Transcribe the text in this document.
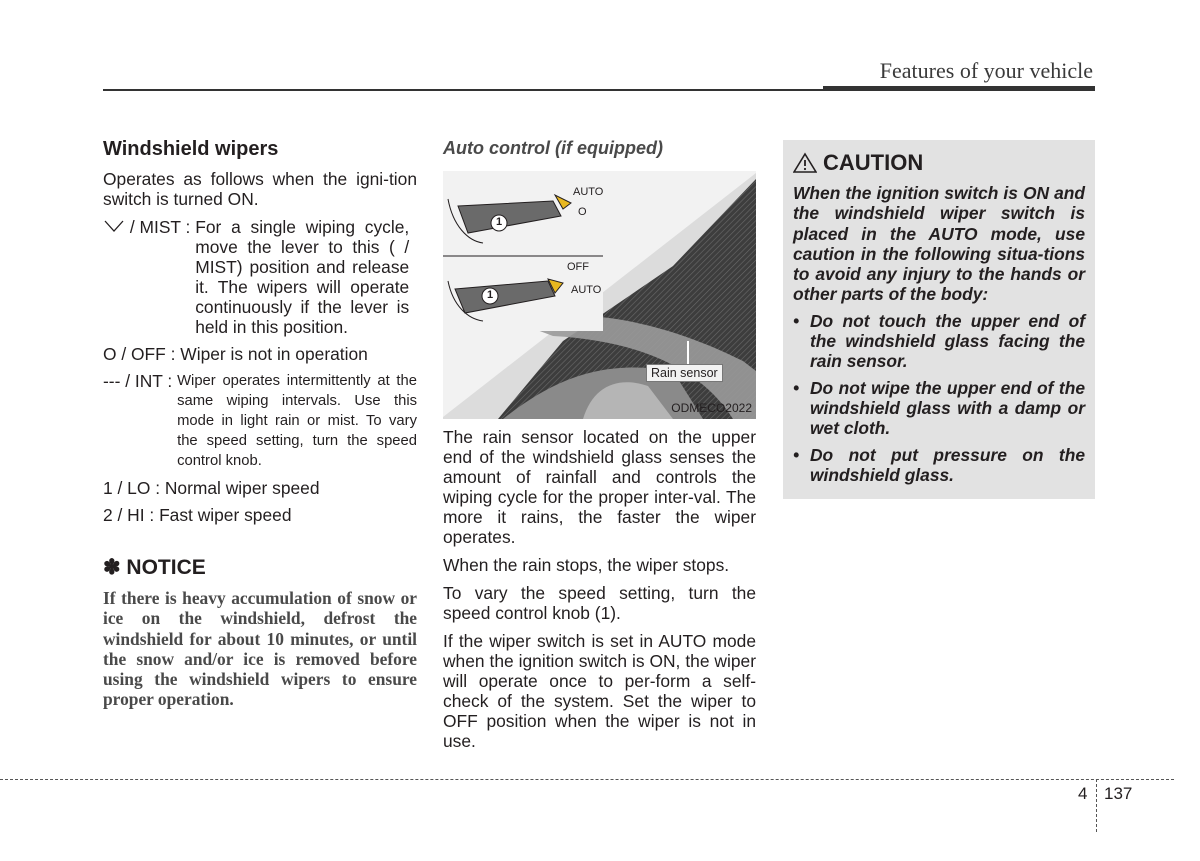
Features of your vehicle
Windshield wipers

Operates as follows when the igni-tion switch is turned ON.

/ MIST : For a single wiping cycle, move the lever to this ( / MIST) position and release it. The wipers will operate continuously if the lever is held in this position.
O / OFF : Wiper is not in operation
--- / INT : Wiper operates intermittently at the same wiping intervals. Use this mode in light rain or mist. To vary the speed setting, turn the speed control knob.
1 / LO : Normal wiper speed
2 / HI : Fast wiper speed
✽ NOTICE
If there is heavy accumulation of snow or ice on the windshield, defrost the windshield for about 10 minutes, or until the snow and/or ice is removed before using the windshield wipers to ensure proper operation.
Auto control (if equipped)
AUTO
O
OFF
AUTO
1
1
Rain sensor
ODMECO2022

The rain sensor located on the upper end of the windshield glass senses the amount of rainfall and controls the wiping cycle for the proper inter-val. The more it rains, the faster the wiper operates.

When the rain stops, the wiper stops.

To vary the speed setting, turn the speed control knob (1).

If the wiper switch is set in AUTO mode when the ignition switch is ON, the wiper will operate once to per-form a self-check of the system. Set the wiper to OFF position when the wiper is not in use.

CAUTION
When the ignition switch is ON and the windshield wiper switch is placed in the AUTO mode, use caution in the following situa-tions to avoid any injury to the hands or other parts of the body:
• Do not touch the upper end of the windshield glass facing the rain sensor.
• Do not wipe the upper end of the windshield glass with a damp or wet cloth.
• Do not put pressure on the windshield glass.
4 137
